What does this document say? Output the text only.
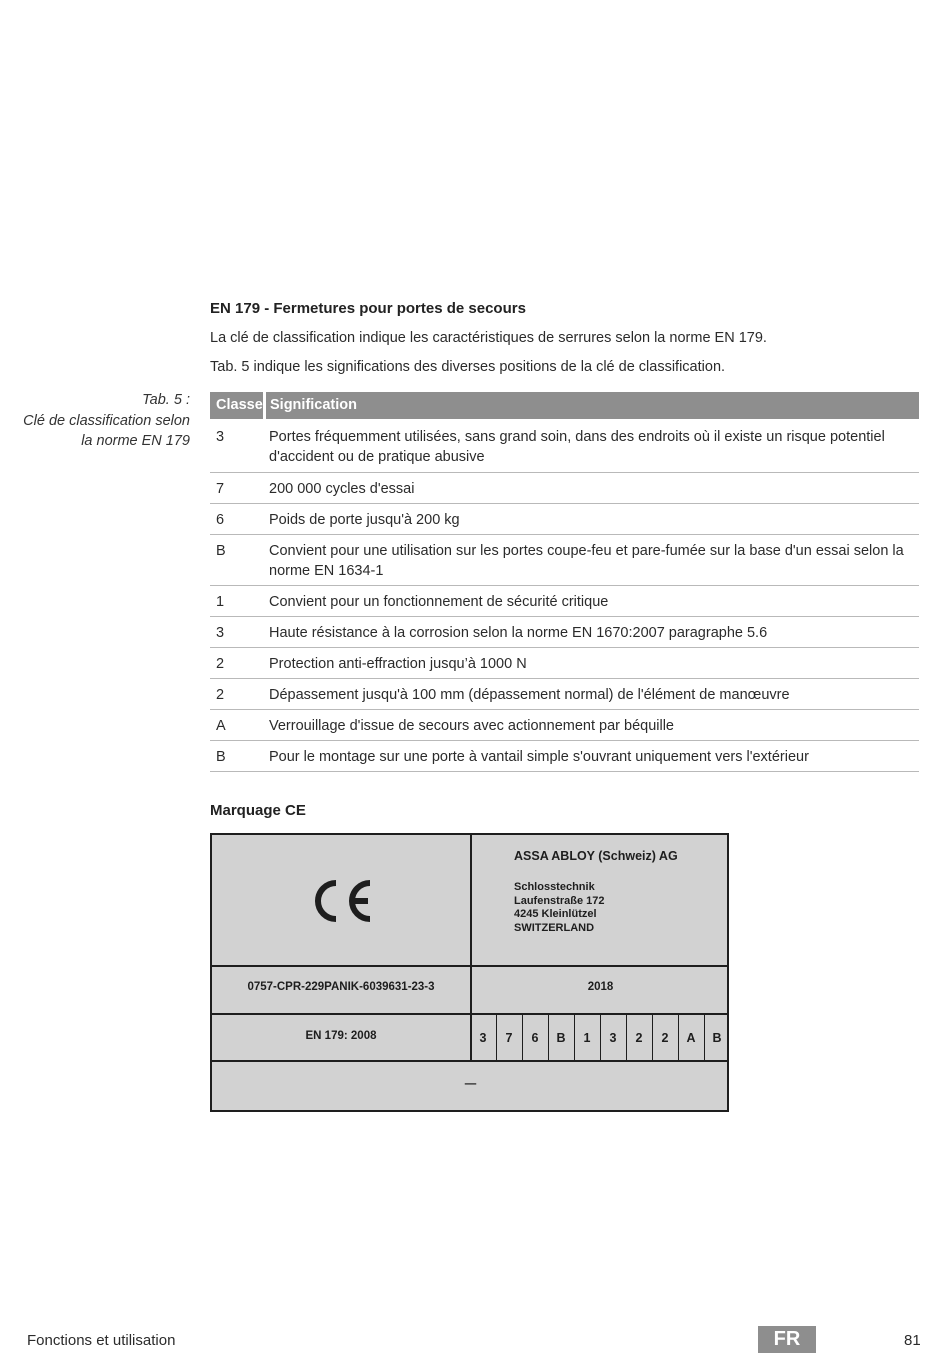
EN 179 - Fermetures pour portes de secours
La clé de classification indique les caractéristiques de serrures selon la norme EN 179.
Tab. 5 indique les significations des diverses positions de la clé de classification.
Tab. 5 :
Clé de classification selon
la norme EN 179
Classe Signification
3	Portes fréquemment utilisées, sans grand soin, dans des endroits où il existe un risque potentiel d'accident ou de pratique abusive
7	200 000 cycles d'essai
6	Poids de porte jusqu'à 200 kg
B	Convient pour une utilisation sur les portes coupe-feu et pare-fumée sur la base d'un essai selon la norme EN 1634-1
1	Convient pour un fonctionnement de sécurité critique
3	Haute résistance à la corrosion selon la norme EN 1670:2007 paragraphe 5.6
2	Protection anti-effraction jusqu’à 1000 N
2	Dépassement jusqu'à 100 mm (dépassement normal) de l'élément de manœuvre
A	Verrouillage d'issue de secours avec actionnement par béquille
B	Pour le montage sur une porte à vantail simple s'ouvrant uniquement vers l'extérieur
Marquage CE
ASSA ABLOY (Schweiz) AG
Schlosstechnik
Laufenstraße 172
4245 Kleinlützel
SWITZERLAND
0757-CPR-229PANIK-6039631-23-3	2018
EN 179: 2008	3	7	6	B	1	3	2	2	A	B
—
Fonctions et utilisation	FR	81
